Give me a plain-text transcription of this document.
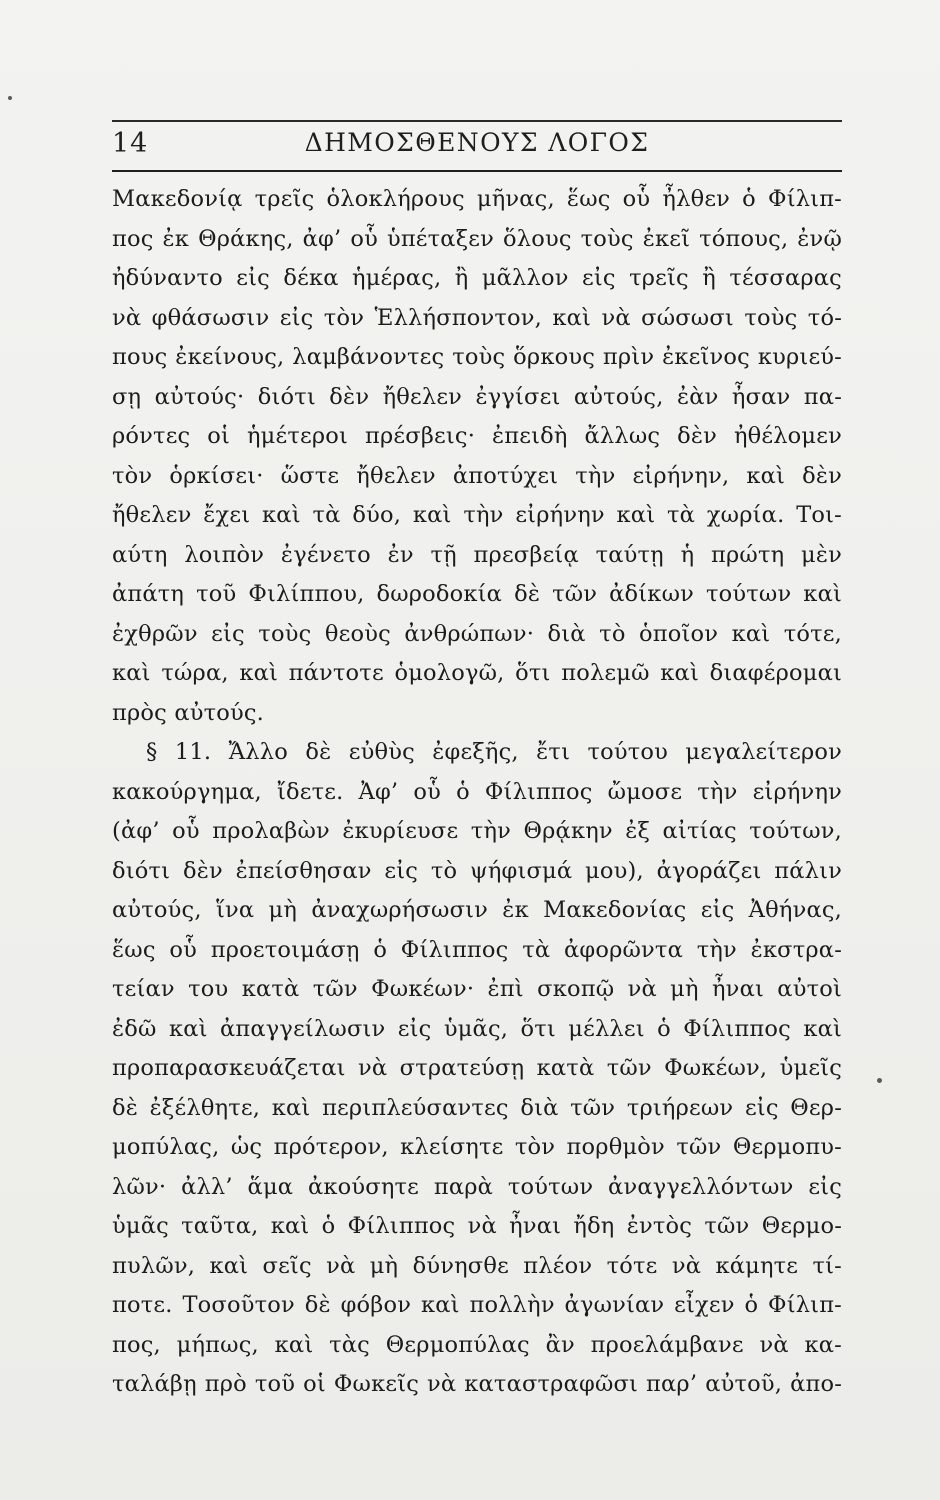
14	ΔΗΜΟΣΘΕΝΟΥΣ ΛΟΓΟΣ
Μακεδονίᾳ τρεῖς ὁλοκλήρους μῆνας, ἕως οὗ ἦλθεν ὁ Φίλιπ-
πος ἐκ Θράκης, ἀφ’ οὗ ὑπέταξεν ὅλους τοὺς ἐκεῖ τόπους, ἐνῷ
ἠδύναντο εἰς δέκα ἡμέρας, ἢ μᾶλλον εἰς τρεῖς ἢ τέσσαρας
νὰ φθάσωσιν εἰς τὸν Ἑλλήσποντον, καὶ νὰ σώσωσι τοὺς τό-
πους ἐκείνους, λαμβάνοντες τοὺς ὅρκους πρὶν ἐκεῖνος κυριεύ-
σῃ αὐτούς· διότι δὲν ἤθελεν ἐγγίσει αὐτούς, ἐὰν ἦσαν πα-
ρόντες οἱ ἡμέτεροι πρέσβεις· ἐπειδὴ ἄλλως δὲν ἠθέλομεν
τὸν ὁρκίσει· ὥστε ἤθελεν ἀποτύχει τὴν εἰρήνην, καὶ δὲν
ἤθελεν ἔχει καὶ τὰ δύο, καὶ τὴν εἰρήνην καὶ τὰ χωρία. Τοι-
αύτη λοιπὸν ἐγένετο ἐν τῇ πρεσβείᾳ ταύτῃ ἡ πρώτη μὲν
ἀπάτη τοῦ Φιλίππου, δωροδοκία δὲ τῶν ἀδίκων τούτων καὶ
ἐχθρῶν εἰς τοὺς θεοὺς ἀνθρώπων· διὰ τὸ ὁποῖον καὶ τότε,
καὶ τώρα, καὶ πάντοτε ὁμολογῶ, ὅτι πολεμῶ καὶ διαφέρομαι
πρὸς αὐτούς.
§ 11. Ἄλλο δὲ εὐθὺς ἐφεξῆς, ἔτι τούτου μεγαλείτερον
κακούργημα, ἴδετε. Ἀφ’ οὗ ὁ Φίλιππος ὤμοσε τὴν εἰρήνην
(ἀφ’ οὗ προλαβὼν ἐκυρίευσε τὴν Θρᾴκην ἐξ αἰτίας τούτων,
διότι δὲν ἐπείσθησαν εἰς τὸ ψήφισμά μου), ἀγοράζει πάλιν
αὐτούς, ἵνα μὴ ἀναχωρήσωσιν ἐκ Μακεδονίας εἰς Ἀθήνας,
ἕως οὗ προετοιμάσῃ ὁ Φίλιππος τὰ ἀφορῶντα τὴν ἐκστρα-
τείαν του κατὰ τῶν Φωκέων· ἐπὶ σκοπῷ νὰ μὴ ἦναι αὐτοὶ
ἐδῶ καὶ ἀπαγγείλωσιν εἰς ὑμᾶς, ὅτι μέλλει ὁ Φίλιππος καὶ
προπαρασκευάζεται νὰ στρατεύσῃ κατὰ τῶν Φωκέων, ὑμεῖς
δὲ ἐξέλθητε, καὶ περιπλεύσαντες διὰ τῶν τριήρεων εἰς Θερ-
μοπύλας, ὡς πρότερον, κλείσητε τὸν πορθμὸν τῶν Θερμοπυ-
λῶν· ἀλλ’ ἅμα ἀκούσητε παρὰ τούτων ἀναγγελλόντων εἰς
ὑμᾶς ταῦτα, καὶ ὁ Φίλιππος νὰ ἦναι ἤδη ἐντὸς τῶν Θερμο-
πυλῶν, καὶ σεῖς νὰ μὴ δύνησθε πλέον τότε νὰ κάμητε τί-
ποτε. Τοσοῦτον δὲ φόβον καὶ πολλὴν ἀγωνίαν εἶχεν ὁ Φίλιπ-
πος, μήπως, καὶ τὰς Θερμοπύλας ἂν προελάμβανε νὰ κα-
ταλάβῃ πρὸ τοῦ οἱ Φωκεῖς νὰ καταστραφῶσι παρ’ αὐτοῦ, ἀπο-
